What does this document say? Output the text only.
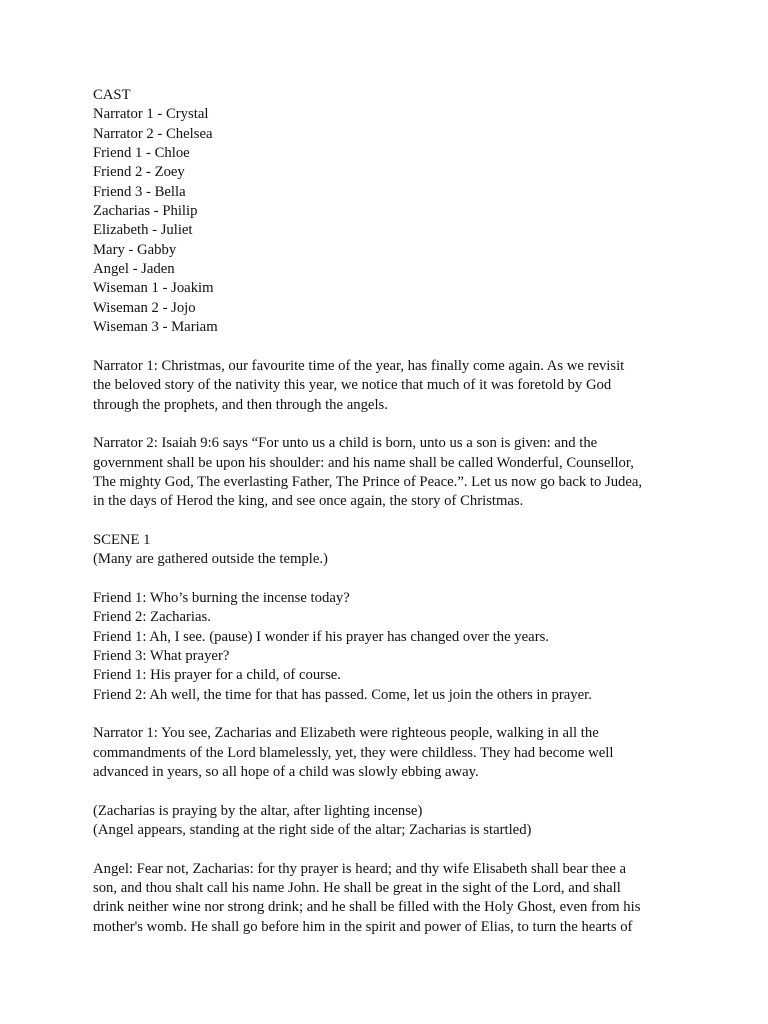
CAST
Narrator 1 - Crystal
Narrator 2 - Chelsea
Friend 1 - Chloe
Friend 2 - Zoey
Friend 3 - Bella
Zacharias - Philip
Elizabeth - Juliet
Mary - Gabby
Angel - Jaden
Wiseman 1 - Joakim
Wiseman 2 - Jojo
Wiseman 3 - Mariam
Narrator 1: Christmas, our favourite time of the year, has finally come again. As we revisit
the beloved story of the nativity this year, we notice that much of it was foretold by God
through the prophets, and then through the angels.
Narrator 2: Isaiah 9:6 says “For unto us a child is born, unto us a son is given: and the
government shall be upon his shoulder: and his name shall be called Wonderful, Counsellor,
The mighty God, The everlasting Father, The Prince of Peace.”. Let us now go back to Judea,
in the days of Herod the king, and see once again, the story of Christmas.
SCENE 1
(Many are gathered outside the temple.)
Friend 1: Who’s burning the incense today?
Friend 2: Zacharias.
Friend 1: Ah, I see. (pause) I wonder if his prayer has changed over the years.
Friend 3: What prayer?
Friend 1: His prayer for a child, of course.
Friend 2: Ah well, the time for that has passed. Come, let us join the others in prayer.
Narrator 1: You see, Zacharias and Elizabeth were righteous people, walking in all the
commandments of the Lord blamelessly, yet, they were childless. They had become well
advanced in years, so all hope of a child was slowly ebbing away.
(Zacharias is praying by the altar, after lighting incense)
(Angel appears, standing at the right side of the altar; Zacharias is startled)
Angel: Fear not, Zacharias: for thy prayer is heard; and thy wife Elisabeth shall bear thee a
son, and thou shalt call his name John. He shall be great in the sight of the Lord, and shall
drink neither wine nor strong drink; and he shall be filled with the Holy Ghost, even from his
mother's womb. He shall go before him in the spirit and power of Elias, to turn the hearts of
